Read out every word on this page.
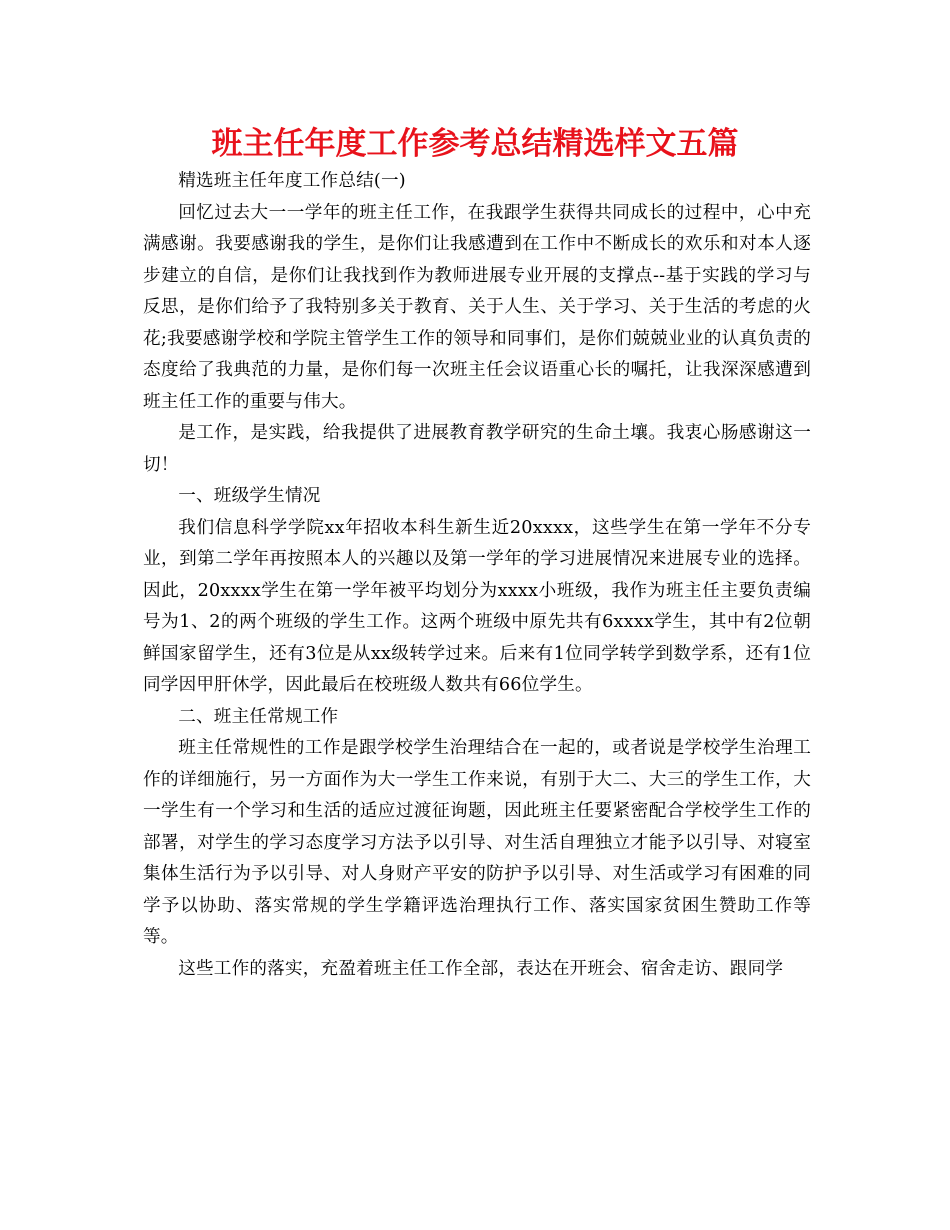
班主任年度工作参考总结精选样文五篇

精选班主任年度工作总结(一)

回忆过去大一一学年的班主任工作，在我跟学生获得共同成长的过程中，心中充满感谢。我要感谢我的学生，是你们让我感遭到在工作中不断成长的欢乐和对本人逐步建立的自信，是你们让我找到作为教师进展专业开展的支撑点--基于实践的学习与反思，是你们给予了我特别多关于教育、关于人生、关于学习、关于生活的考虑的火花;我要感谢学校和学院主管学生工作的领导和同事们，是你们兢兢业业的认真负责的态度给了我典范的力量，是你们每一次班主任会议语重心长的嘱托，让我深深感遭到班主任工作的重要与伟大。

是工作，是实践，给我提供了进展教育教学研究的生命土壤。我衷心肠感谢这一切！

一、班级学生情况

我们信息科学学院xx年招收本科生新生近20xxxx，这些学生在第一学年不分专业，到第二学年再按照本人的兴趣以及第一学年的学习进展情况来进展专业的选择。因此，20xxxx学生在第一学年被平均划分为xxxx小班级，我作为班主任主要负责编号为1、2的两个班级的学生工作。这两个班级中原先共有6xxxx学生，其中有2位朝鲜国家留学生，还有3位是从xx级转学过来。后来有1位同学转学到数学系，还有1位同学因甲肝休学，因此最后在校班级人数共有66位学生。

二、班主任常规工作

班主任常规性的工作是跟学校学生治理结合在一起的，或者说是学校学生治理工作的详细施行，另一方面作为大一学生工作来说，有别于大二、大三的学生工作，大一学生有一个学习和生活的适应过渡征询题，因此班主任要紧密配合学校学生工作的部署，对学生的学习态度学习方法予以引导、对生活自理独立才能予以引导、对寝室集体生活行为予以引导、对人身财产平安的防护予以引导、对生活或学习有困难的同学予以协助、落实常规的学生学籍评选治理执行工作、落实国家贫困生赞助工作等等。

这些工作的落实，充盈着班主任工作全部，表达在开班会、宿舍走访、跟同学
